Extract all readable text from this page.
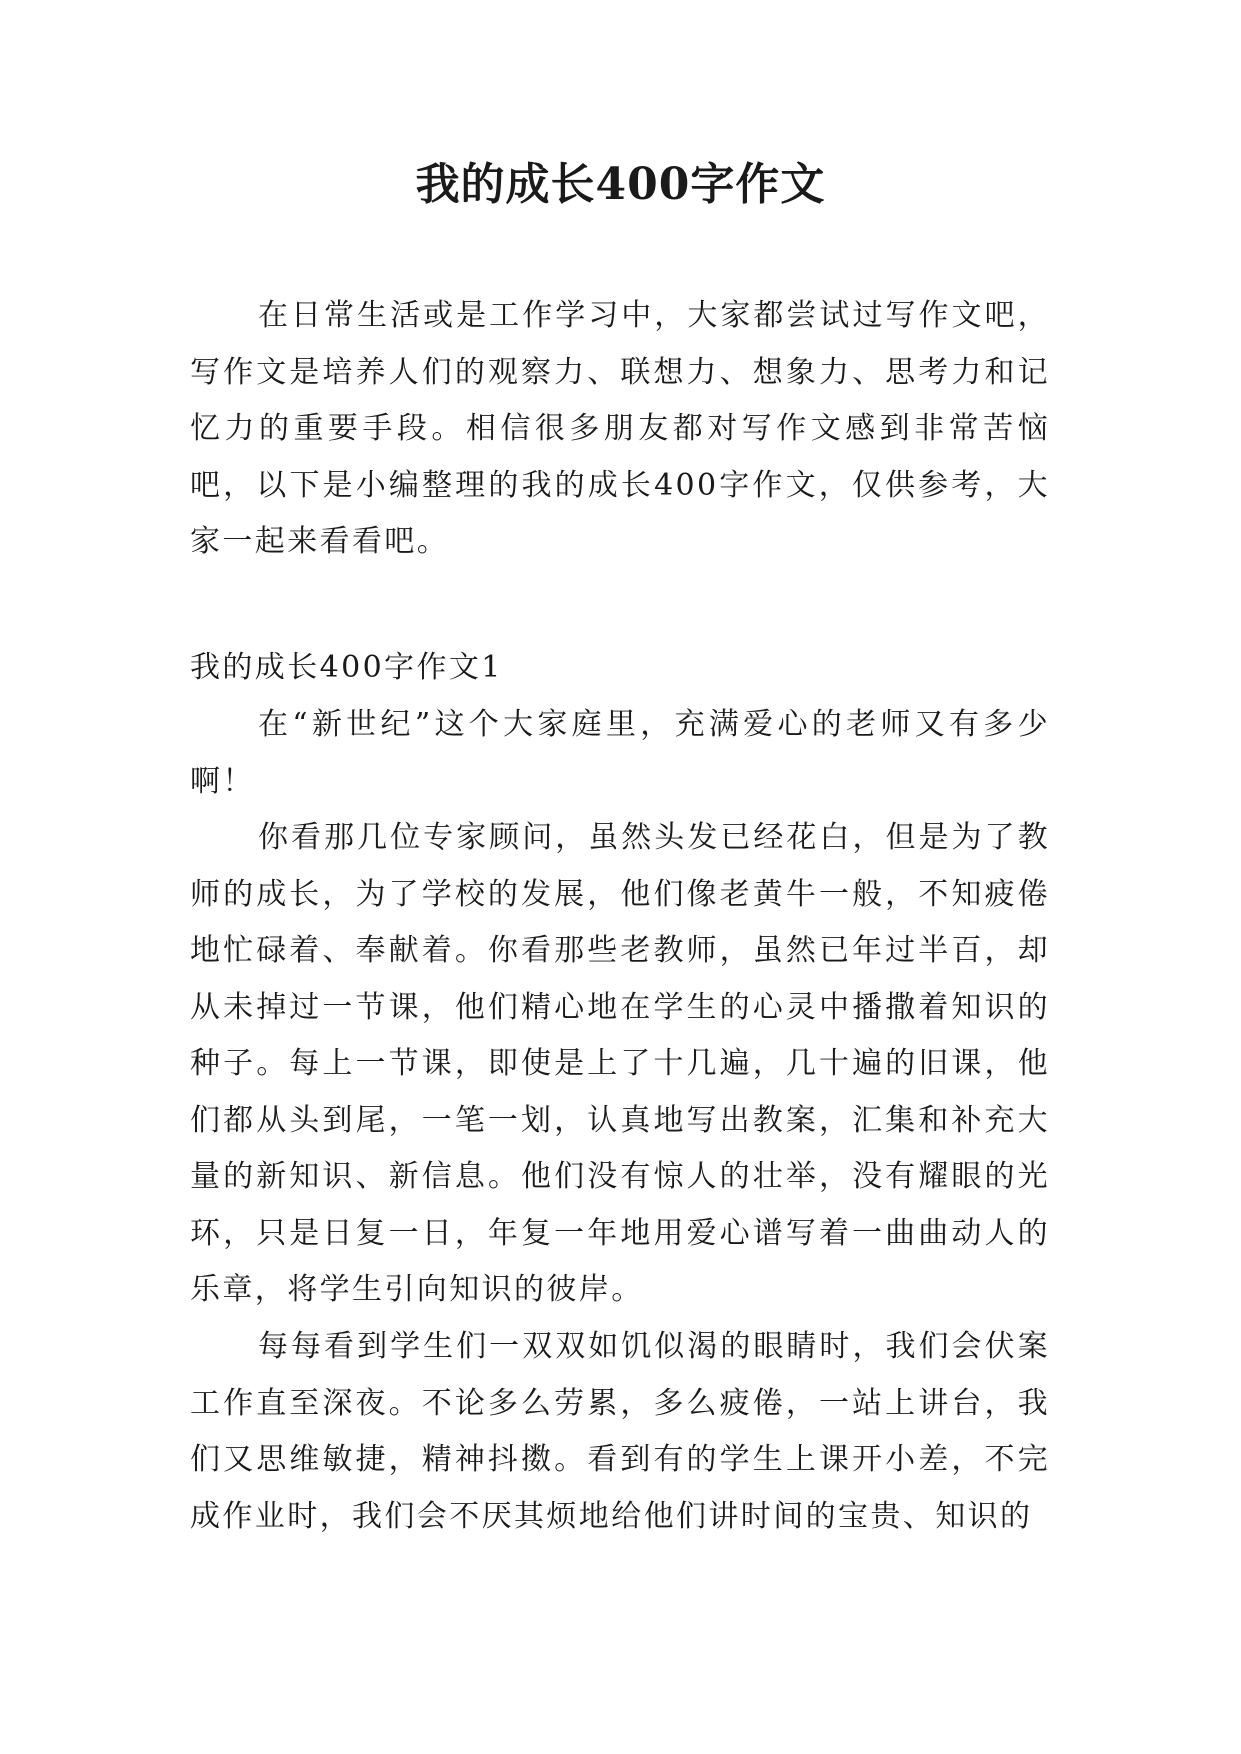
我的成长400字作文

在日常生活或是工作学习中，大家都尝试过写作文吧，写作文是培养人们的观察力、联想力、想象力、思考力和记忆力的重要手段。相信很多朋友都对写作文感到非常苦恼吧，以下是小编整理的我的成长400字作文，仅供参考，大家一起来看看吧。

我的成长400字作文1

在“新世纪”这个大家庭里，充满爱心的老师又有多少啊！

你看那几位专家顾问，虽然头发已经花白，但是为了教师的成长，为了学校的发展，他们像老黄牛一般，不知疲倦地忙碌着、奉献着。你看那些老教师，虽然已年过半百，却从未掉过一节课，他们精心地在学生的心灵中播撒着知识的种子。每上一节课，即使是上了十几遍，几十遍的旧课，他们都从头到尾，一笔一划，认真地写出教案，汇集和补充大量的新知识、新信息。他们没有惊人的壮举，没有耀眼的光环，只是日复一日，年复一年地用爱心谱写着一曲曲动人的乐章，将学生引向知识的彼岸。

每每看到学生们一双双如饥似渴的眼睛时，我们会伏案工作直至深夜。不论多么劳累，多么疲倦，一站上讲台，我们又思维敏捷，精神抖擞。看到有的学生上课开小差，不完成作业时，我们会不厌其烦地给他们讲时间的宝贵、知识的
